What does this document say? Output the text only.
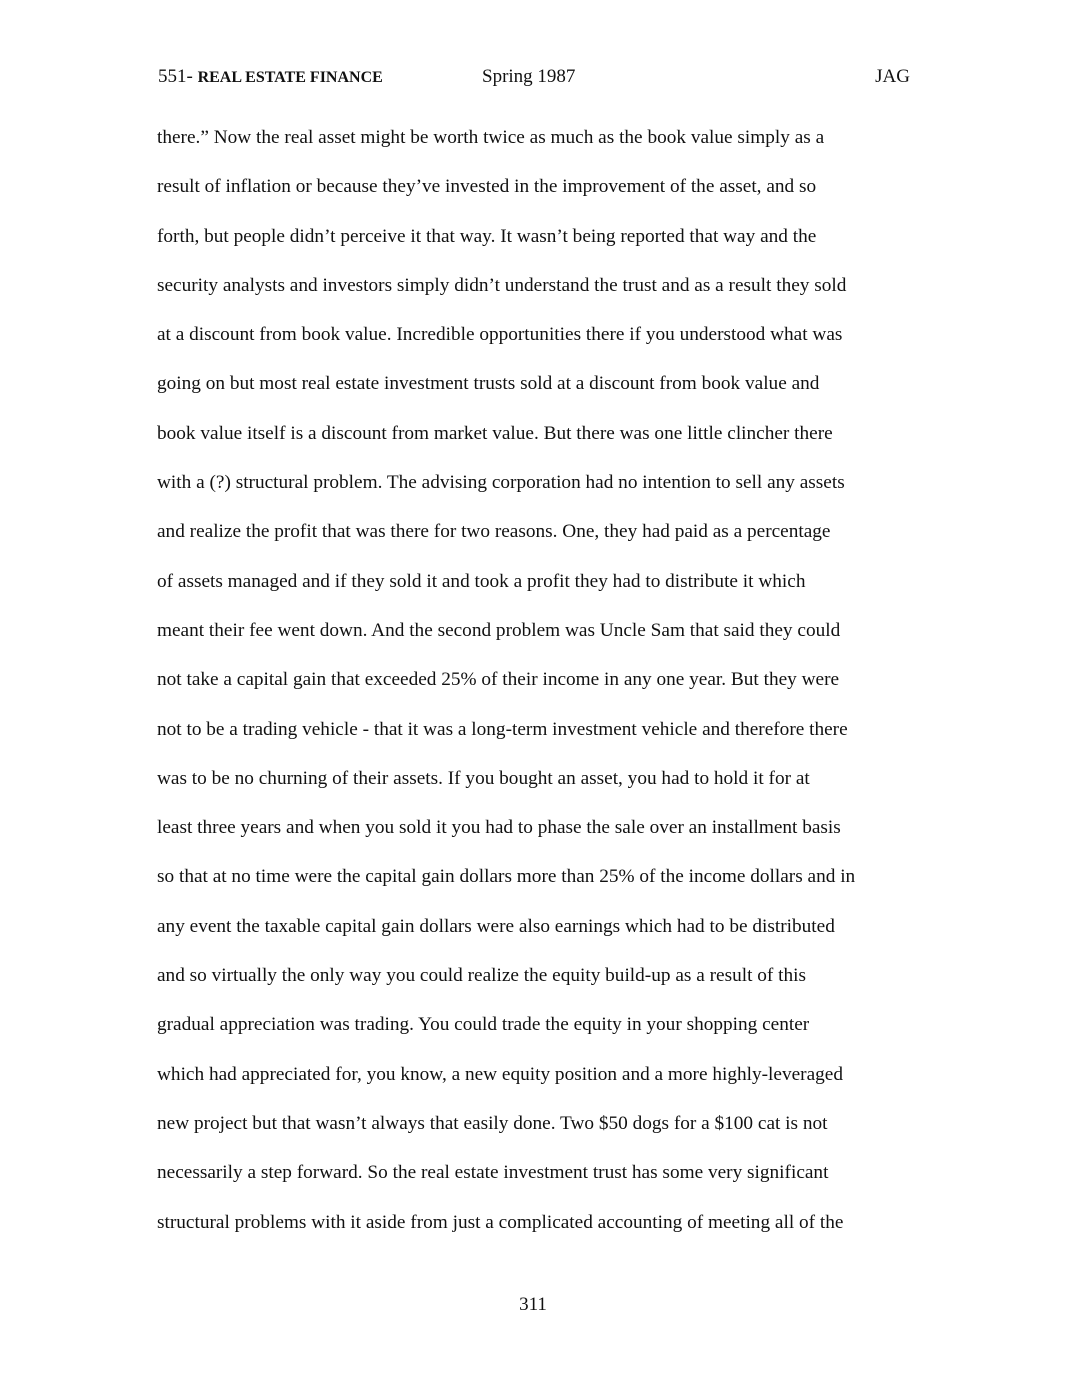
551- REAL ESTATE FINANCE	Spring 1987	JAG
there.” Now the real asset might be worth twice as much as the book value simply as a
result of inflation or because they’ve invested in the improvement of the asset, and so
forth, but people didn’t perceive it that way. It wasn’t being reported that way and the
security analysts and investors simply didn’t understand the trust and as a result they sold
at a discount from book value. Incredible opportunities there if you understood what was
going on but most real estate investment trusts sold at a discount from book value and
book value itself is a discount from market value. But there was one little clincher there
with a (?) structural problem. The advising corporation had no intention to sell any assets
and realize the profit that was there for two reasons. One, they had paid as a percentage
of assets managed and if they sold it and took a profit they had to distribute it which
meant their fee went down. And the second problem was Uncle Sam that said they could
not take a capital gain that exceeded 25% of their income in any one year. But they were
not to be a trading vehicle - that it was a long-term investment vehicle and therefore there
was to be no churning of their assets. If you bought an asset, you had to hold it for at
least three years and when you sold it you had to phase the sale over an installment basis
so that at no time were the capital gain dollars more than 25% of the income dollars and in
any event the taxable capital gain dollars were also earnings which had to be distributed
and so virtually the only way you could realize the equity build-up as a result of this
gradual appreciation was trading. You could trade the equity in your shopping center
which had appreciated for, you know, a new equity position and a more highly-leveraged
new project but that wasn’t always that easily done. Two $50 dogs for a $100 cat is not
necessarily a step forward. So the real estate investment trust has some very significant
structural problems with it aside from just a complicated accounting of meeting all of the
311
